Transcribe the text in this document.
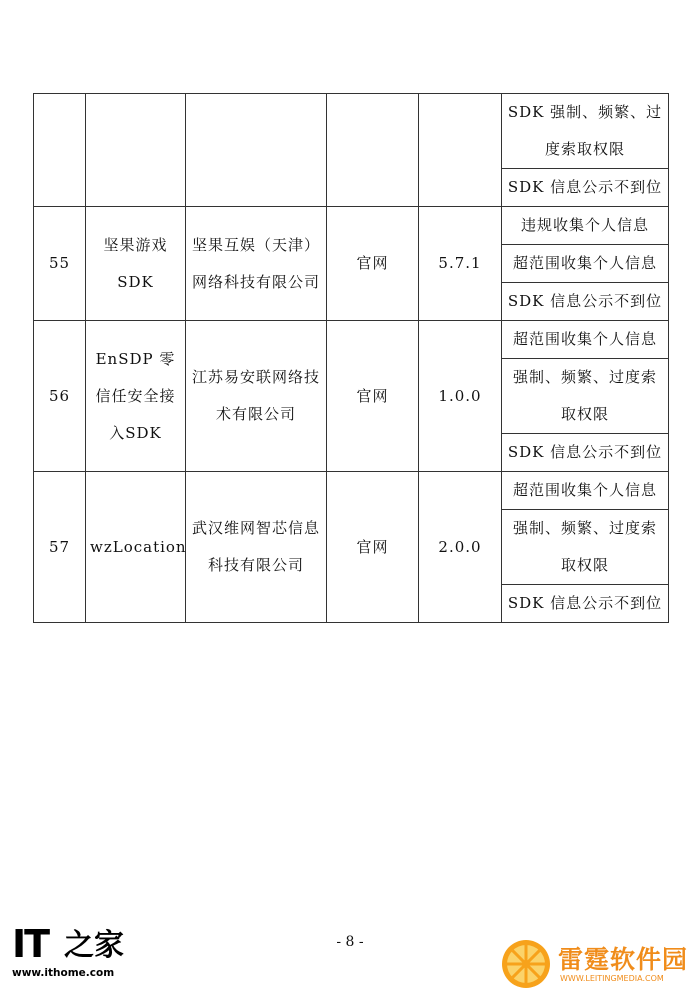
					SDK 强制、频繁、过度索取权限
					SDK 信息公示不到位
55	坚果游戏SDK	坚果互娱（天津）网络科技有限公司	官网	5.7.1	违规收集个人信息
					超范围收集个人信息
					SDK 信息公示不到位
56	EnSDP 零信任安全接入SDK	江苏易安联网络技术有限公司	官网	1.0.0	超范围收集个人信息
					强制、频繁、过度索取权限
					SDK 信息公示不到位
57	wzLocation	武汉维网智芯信息科技有限公司	官网	2.0.0	超范围收集个人信息
					强制、频繁、过度索取权限
					SDK 信息公示不到位
- 8 -
IT 之家
www.ithome.com	雷霆软件园
WWW.LEITINGMEDIA.COM
